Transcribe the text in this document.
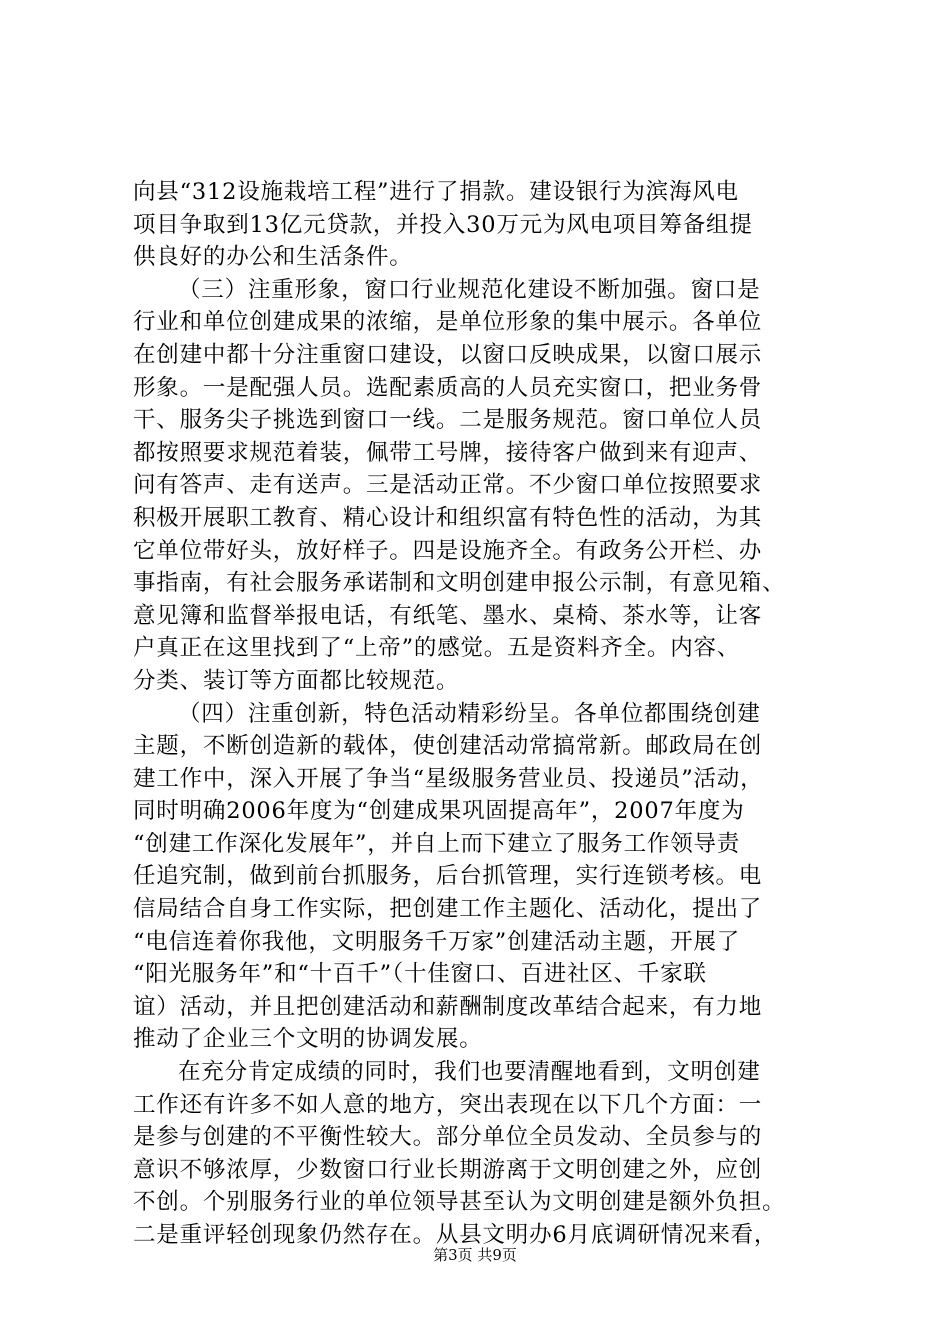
向县“312设施栽培工程”进行了捐款。建设银行为滨海风电
项目争取到13亿元贷款，并投入30万元为风电项目筹备组提
供良好的办公和生活条件。
（三）注重形象，窗口行业规范化建设不断加强。窗口是
行业和单位创建成果的浓缩，是单位形象的集中展示。各单位
在创建中都十分注重窗口建设，以窗口反映成果，以窗口展示
形象。一是配强人员。选配素质高的人员充实窗口，把业务骨
干、服务尖子挑选到窗口一线。二是服务规范。窗口单位人员
都按照要求规范着装，佩带工号牌，接待客户做到来有迎声、
问有答声、走有送声。三是活动正常。不少窗口单位按照要求
积极开展职工教育、精心设计和组织富有特色性的活动，为其
它单位带好头，放好样子。四是设施齐全。有政务公开栏、办
事指南，有社会服务承诺制和文明创建申报公示制，有意见箱、
意见簿和监督举报电话，有纸笔、墨水、桌椅、茶水等，让客
户真正在这里找到了“上帝”的感觉。五是资料齐全。内容、
分类、装订等方面都比较规范。
（四）注重创新，特色活动精彩纷呈。各单位都围绕创建
主题，不断创造新的载体，使创建活动常搞常新。邮政局在创
建工作中，深入开展了争当“星级服务营业员、投递员”活动，
同时明确2006年度为“创建成果巩固提高年”，2007年度为
“创建工作深化发展年”，并自上而下建立了服务工作领导责
任追究制，做到前台抓服务，后台抓管理，实行连锁考核。电
信局结合自身工作实际，把创建工作主题化、活动化，提出了
“电信连着你我他，文明服务千万家”创建活动主题，开展了
“阳光服务年”和“十百千”（十佳窗口、百进社区、千家联
谊）活动，并且把创建活动和薪酬制度改革结合起来，有力地
推动了企业三个文明的协调发展。
在充分肯定成绩的同时，我们也要清醒地看到，文明创建
工作还有许多不如人意的地方，突出表现在以下几个方面：一
是参与创建的不平衡性较大。部分单位全员发动、全员参与的
意识不够浓厚，少数窗口行业长期游离于文明创建之外，应创
不创。个别服务行业的单位领导甚至认为文明创建是额外负担。
二是重评轻创现象仍然存在。从县文明办6月底调研情况来看，
第3页 共9页
